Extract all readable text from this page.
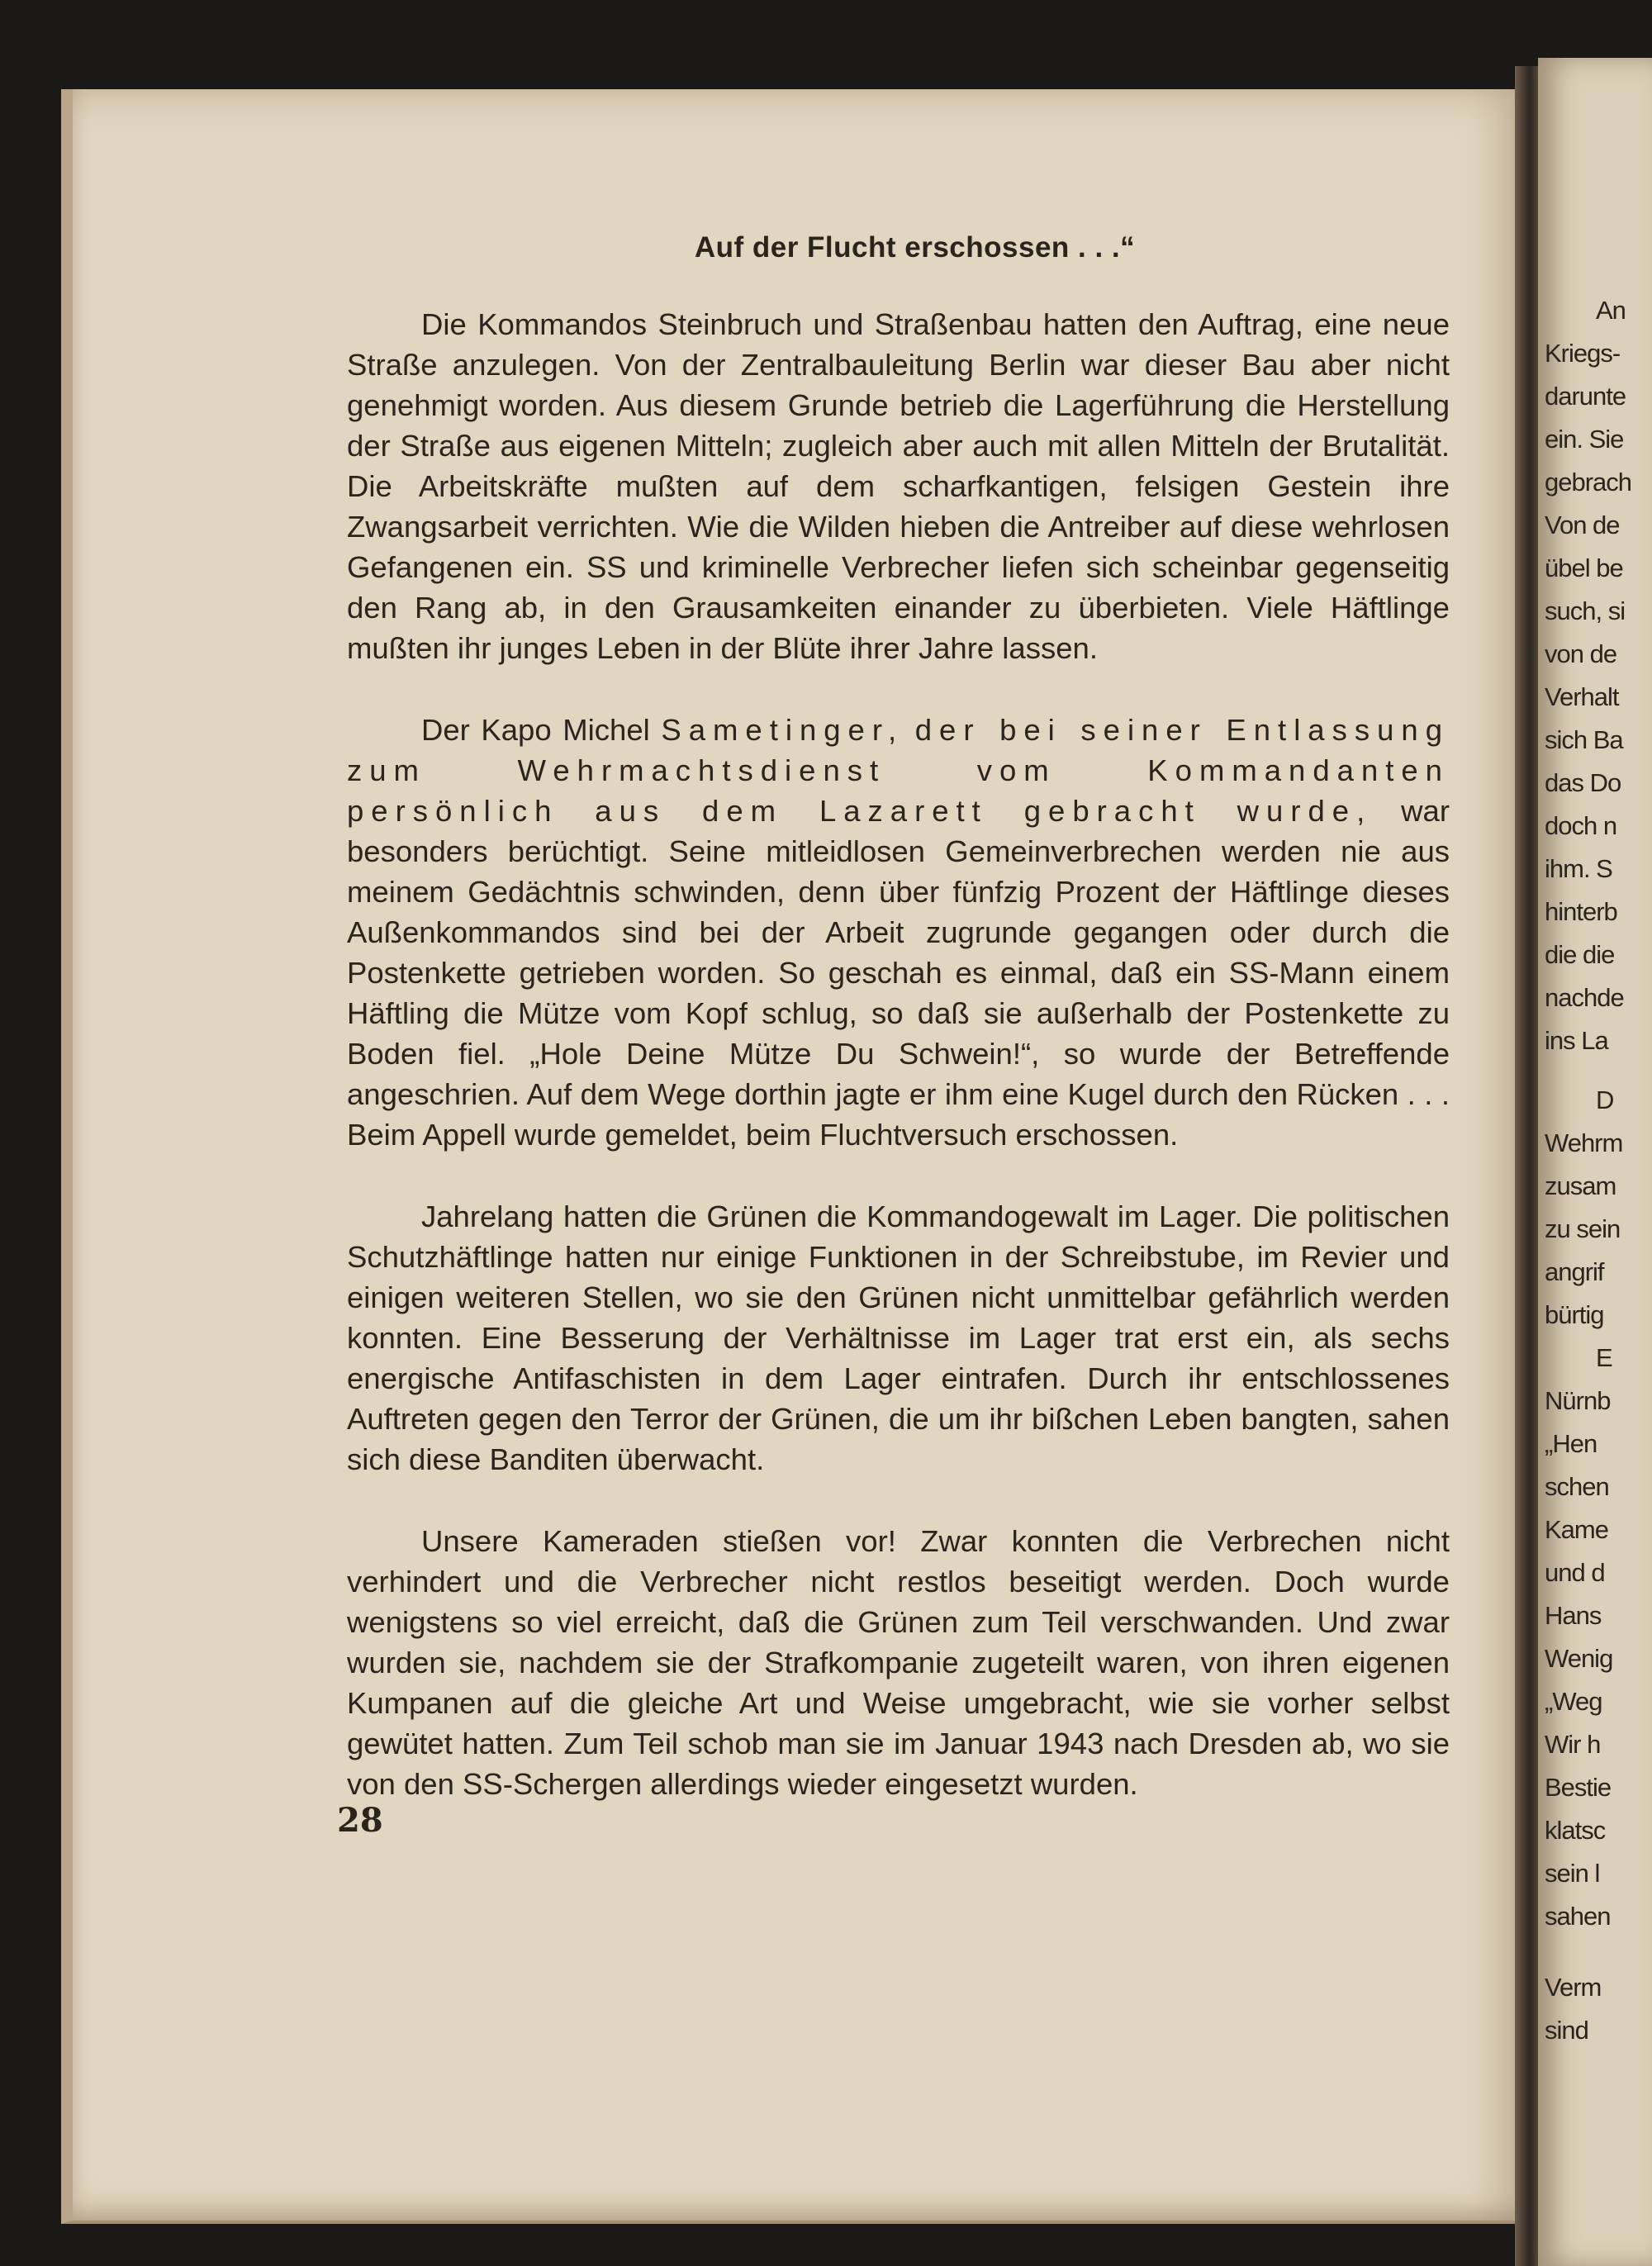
An
Kriegs-
darunte
ein. Sie
gebrach
Von de
übel be
such, si
von de
Verhalt
sich Ba
das Do
doch n
ihm. S
hinterb
die die
nachde
ins La
D
Wehrm
zusam
zu sein
angrif
bürtig
E
Nürnb
„Hen
schen
Kame
und d
Hans
Wenig
„Weg
Wir h
Bestie
klatsc
sein l
sahen
Verm
sind
Auf der Flucht erschossen . . .“

Die Kommandos Steinbruch und Straßenbau hatten den Auftrag, eine neue Straße anzulegen. Von der Zentralbauleitung Berlin war dieser Bau aber nicht genehmigt worden. Aus diesem Grunde betrieb die Lagerführung die Herstellung der Straße aus eigenen Mitteln; zugleich aber auch mit allen Mitteln der Brutalität. Die Arbeitskräfte mußten auf dem scharfkantigen, felsigen Gestein ihre Zwangsarbeit verrichten. Wie die Wilden hieben die Antreiber auf diese wehrlosen Gefangenen ein. SS und kriminelle Verbrecher liefen sich scheinbar gegenseitig den Rang ab, in den Grausamkeiten einander zu überbieten. Viele Häftlinge mußten ihr junges Leben in der Blüte ihrer Jahre lassen.

Der Kapo Michel Sametinger, der bei seiner Entlassung zum Wehrmachtsdienst vom Kommandanten persönlich aus dem Lazarett gebracht wurde, war besonders berüchtigt. Seine mitleidlosen Gemeinverbrechen werden nie aus meinem Gedächtnis schwinden, denn über fünfzig Prozent der Häftlinge dieses Außenkommandos sind bei der Arbeit zugrunde gegangen oder durch die Postenkette getrieben worden. So geschah es einmal, daß ein SS-Mann einem Häftling die Mütze vom Kopf schlug, so daß sie außerhalb der Postenkette zu Boden fiel. „Hole Deine Mütze Du Schwein!“, so wurde der Betreffende angeschrien. Auf dem Wege dorthin jagte er ihm eine Kugel durch den Rücken . . . Beim Appell wurde gemeldet, beim Fluchtversuch erschossen.

Jahrelang hatten die Grünen die Kommandogewalt im Lager. Die politischen Schutzhäftlinge hatten nur einige Funktionen in der Schreibstube, im Revier und einigen weiteren Stellen, wo sie den Grünen nicht unmittelbar gefährlich werden konnten. Eine Besserung der Verhältnisse im Lager trat erst ein, als sechs energische Antifaschisten in dem Lager eintrafen. Durch ihr entschlossenes Auftreten gegen den Terror der Grünen, die um ihr bißchen Leben bangten, sahen sich diese Banditen überwacht.

Unsere Kameraden stießen vor! Zwar konnten die Verbrechen nicht verhindert und die Verbrecher nicht restlos beseitigt werden. Doch wurde wenigstens so viel erreicht, daß die Grünen zum Teil verschwanden. Und zwar wurden sie, nachdem sie der Strafkompanie zugeteilt waren, von ihren eigenen Kumpanen auf die gleiche Art und Weise umgebracht, wie sie vorher selbst gewütet hatten. Zum Teil schob man sie im Januar 1943 nach Dresden ab, wo sie von den SS-Schergen allerdings wieder eingesetzt wurden.

28
